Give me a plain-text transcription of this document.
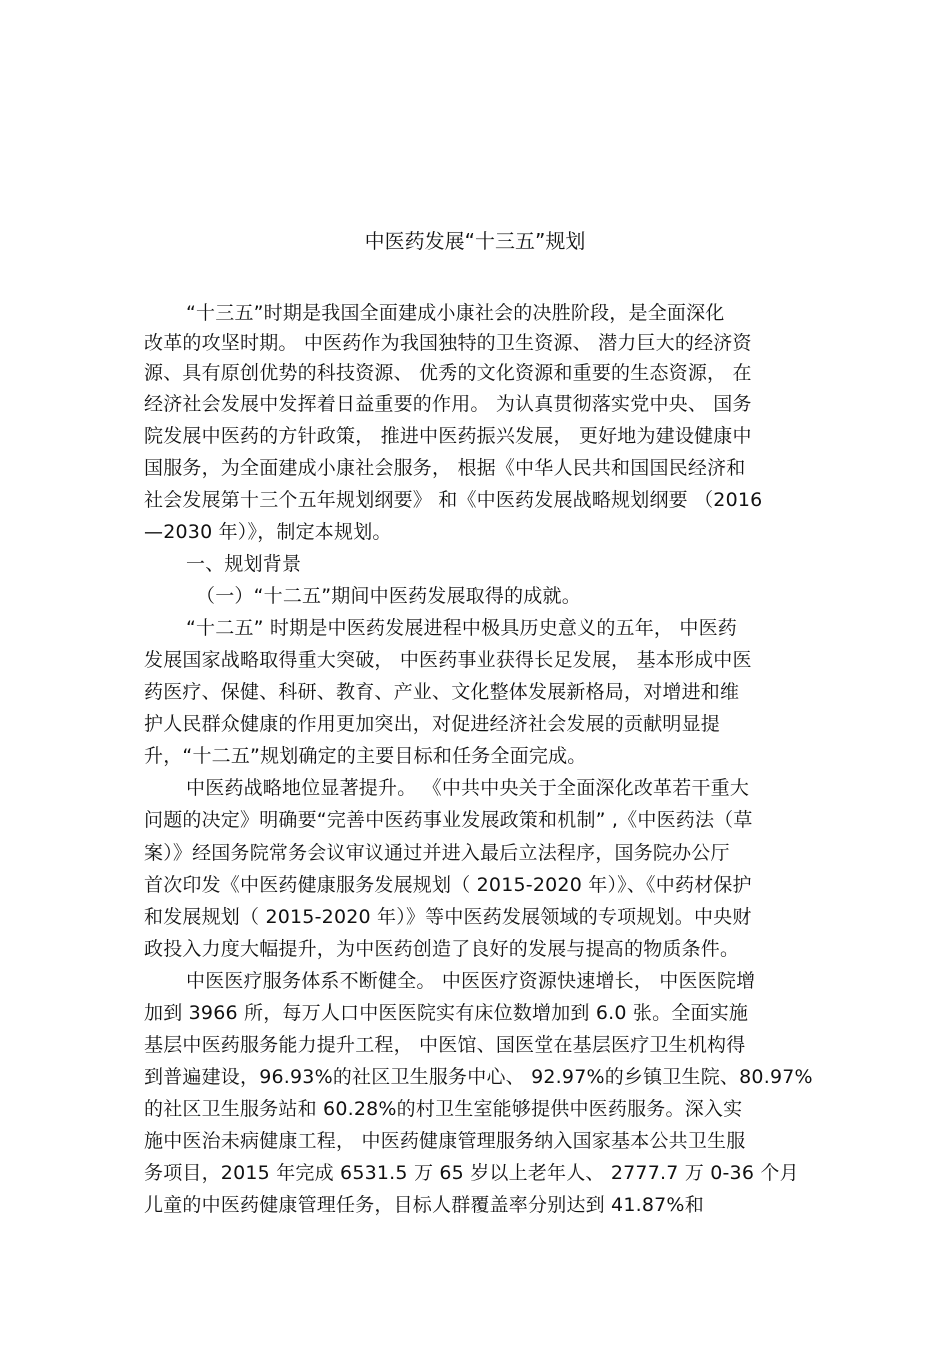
中医药发展“十三五”规划
“十三五”时期是我国全面建成小康社会的决胜阶段，是全面深化
改革的攻坚时期。 中医药作为我国独特的卫生资源、 潜力巨大的经济资
源、具有原创优势的科技资源、 优秀的文化资源和重要的生态资源， 在
经济社会发展中发挥着日益重要的作用。 为认真贯彻落实党中央、 国务
院发展中医药的方针政策， 推进中医药振兴发展， 更好地为建设健康中
国服务，为全面建成小康社会服务， 根据《中华人民共和国国民经济和
社会发展第十三个五年规划纲要》 和《中医药发展战略规划纲要 （2016
—2030 年）》，制定本规划。
一、规划背景
（一）“十二五”期间中医药发展取得的成就。
“十二五” 时期是中医药发展进程中极具历史意义的五年， 中医药
发展国家战略取得重大突破， 中医药事业获得长足发展， 基本形成中医
药医疗、保健、科研、教育、产业、文化整体发展新格局，对增进和维
护人民群众健康的作用更加突出，对促进经济社会发展的贡献明显提
升，“十二五”规划确定的主要目标和任务全面完成。
中医药战略地位显著提升。 《中共中央关于全面深化改革若干重大
问题的决定》明确要“完善中医药事业发展政策和机制” ,《中医药法（草
案）》经国务院常务会议审议通过并进入最后立法程序，国务院办公厅
首次印发《中医药健康服务发展规划（ 2015-2020 年）》、《中药材保护
和发展规划（ 2015-2020 年）》等中医药发展领域的专项规划。中央财
政投入力度大幅提升，为中医药创造了良好的发展与提高的物质条件。
中医医疗服务体系不断健全。 中医医疗资源快速增长， 中医医院增
加到 3966 所，每万人口中医医院实有床位数增加到 6.0 张。全面实施
基层中医药服务能力提升工程， 中医馆、国医堂在基层医疗卫生机构得
到普遍建设，96.93%的社区卫生服务中心、 92.97%的乡镇卫生院、80.97%
的社区卫生服务站和 60.28%的村卫生室能够提供中医药服务。深入实
施中医治未病健康工程， 中医药健康管理服务纳入国家基本公共卫生服
务项目，2015 年完成 6531.5 万 65 岁以上老年人、 2777.7 万 0-36 个月
儿童的中医药健康管理任务，目标人群覆盖率分别达到 41.87%和
